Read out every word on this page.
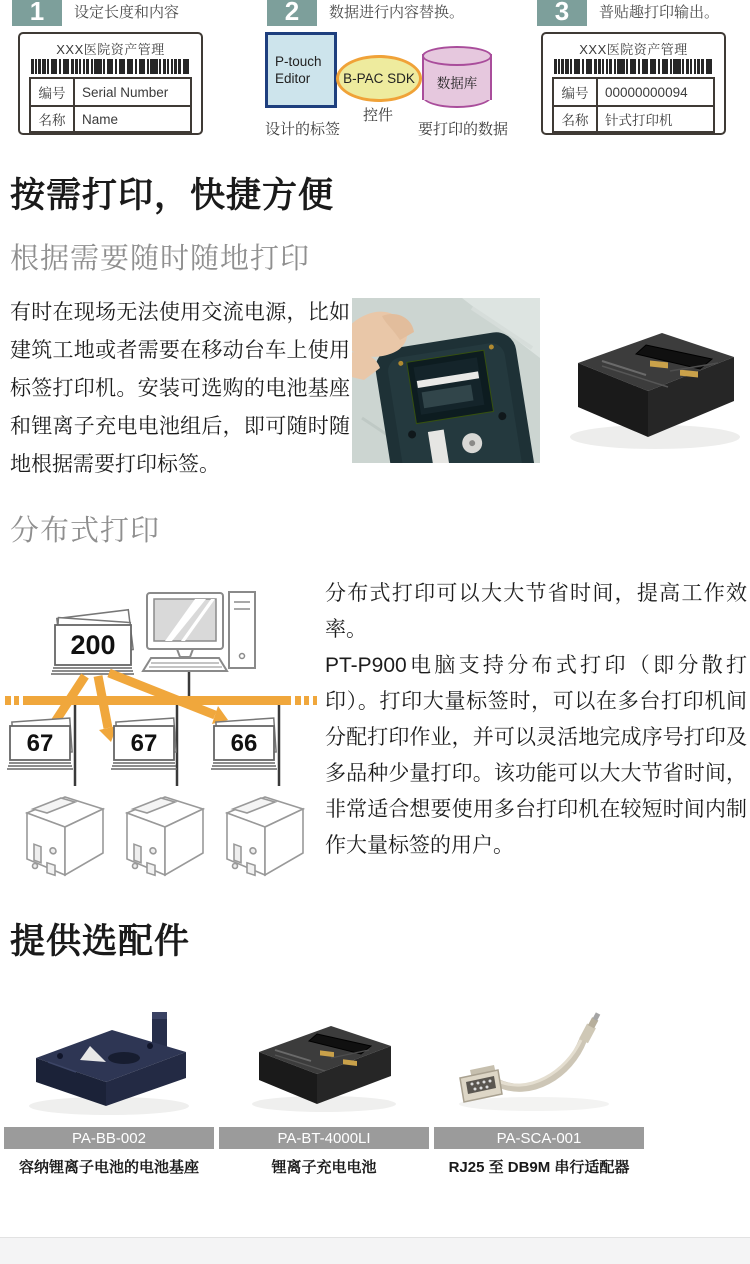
1 设定长度和内容
XXX医院资产管理
编号	Serial Number
名称	Name
2 数据进行内容替换。
P-touch Editor	B-PAC SDK	数据库
设计的标签
控件
要打印的数据
3 普贴趣打印输出。
XXX医院资产管理
编号	00000000094
名称	针式打印机
按需打印，快捷方便
根据需要随时随地打印
有时在现场无法使用交流电源，比如建筑工地或者需要在移动台车上使用标签打印机。安装可选购的电池基座和锂离子充电电池组后，即可随时随地根据需要打印标签。
分布式打印
200
67	67	66

分布式打印可以大大节省时间，提高工作效率。

PT-P900电脑支持分布式打印（即分散打印）。打印大量标签时，可以在多台打印机间分配打印作业，并可以灵活地完成序号打印及多品种少量打印。该功能可以大大节省时间，非常适合想要使用多台打印机在较短时间内制作大量标签的用户。

提供选配件
PA-BB-002
容纳锂离子电池的电池基座
PA-BT-4000LI
锂离子充电电池
PA-SCA-001
RJ25 至 DB9M 串行适配器
